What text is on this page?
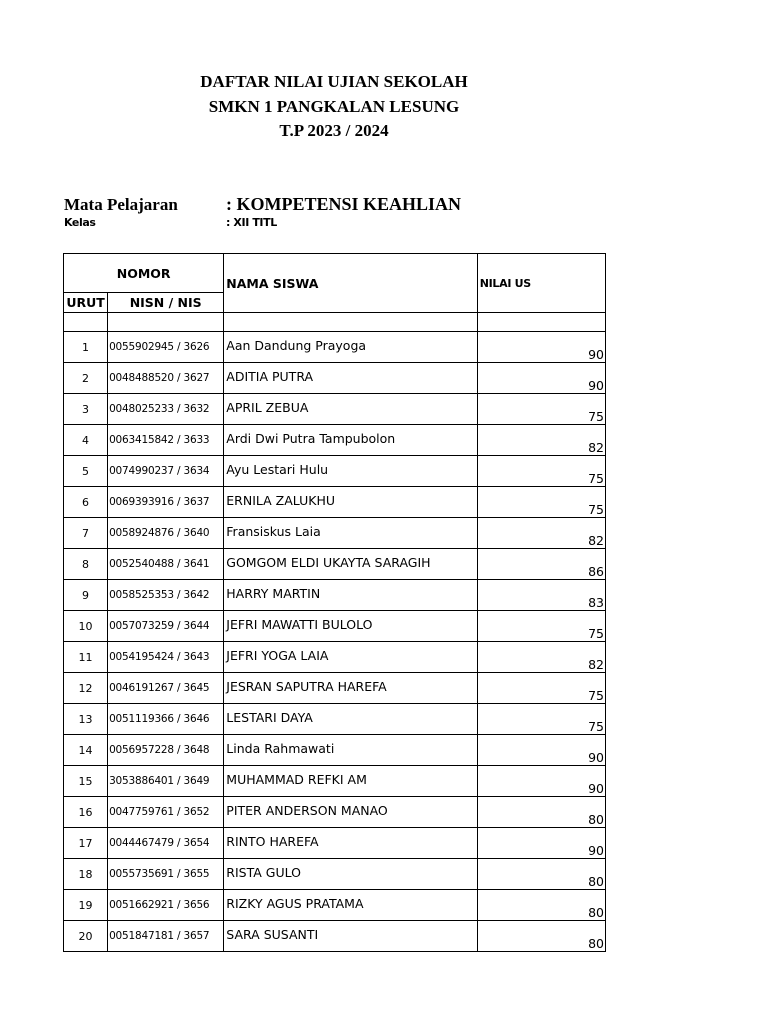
DAFTAR NILAI UJIAN SEKOLAH
SMKN 1 PANGKALAN LESUNG
T.P 2023 / 2024
Mata Pelajaran	: KOMPETENSI KEAHLIAN
Kelas	: XII TITL
NOMOR		NAMA SISWA	NILAI US
URUT	NISN / NIS		

1	0055902945 / 3626	Aan Dandung Prayoga	90
2	0048488520 / 3627	ADITIA PUTRA	90
3	0048025233 / 3632	APRIL ZEBUA	75
4	0063415842 / 3633	Ardi Dwi Putra Tampubolon	82
5	0074990237 / 3634	Ayu Lestari Hulu	75
6	0069393916 / 3637	ERNILA ZALUKHU	75
7	0058924876 / 3640	Fransiskus Laia	82
8	0052540488 / 3641	GOMGOM ELDI UKAYTA SARAGIH	86
9	0058525353 / 3642	HARRY MARTIN	83
10	0057073259 / 3644	JEFRI MAWATTI BULOLO	75
11	0054195424 / 3643	JEFRI YOGA LAIA	82
12	0046191267 / 3645	JESRAN SAPUTRA HAREFA	75
13	0051119366 / 3646	LESTARI DAYA	75
14	0056957228 / 3648	Linda Rahmawati	90
15	3053886401 / 3649	MUHAMMAD REFKI AM	90
16	0047759761 / 3652	PITER ANDERSON MANAO	80
17	0044467479 / 3654	RINTO HAREFA	90
18	0055735691 / 3655	RISTA GULO	80
19	0051662921 / 3656	RIZKY AGUS PRATAMA	80
20	0051847181 / 3657	SARA SUSANTI	80
